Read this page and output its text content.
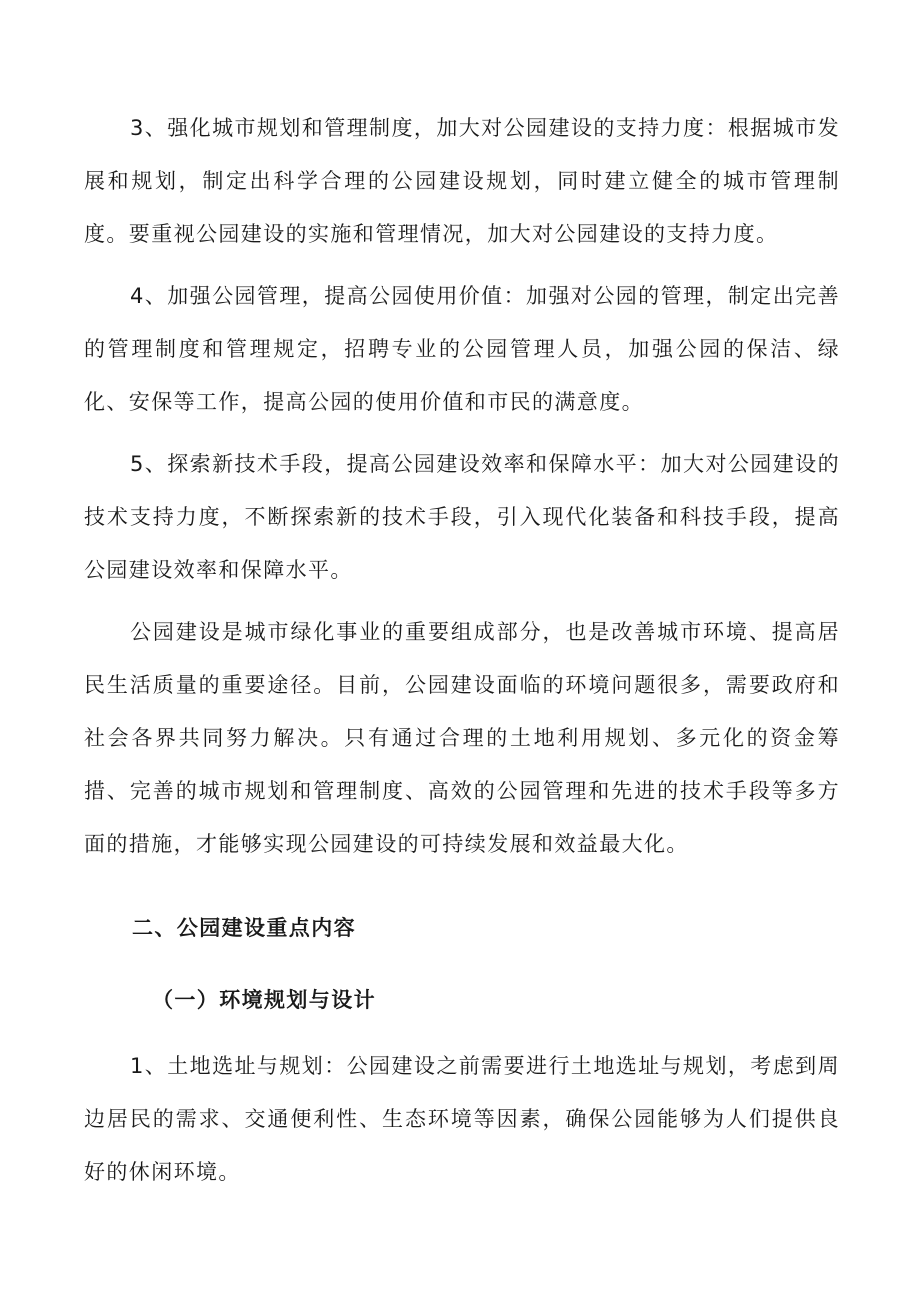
3、强化城市规划和管理制度，加大对公园建设的支持力度：根据城市发展和规划，制定出科学合理的公园建设规划，同时建立健全的城市管理制度。要重视公园建设的实施和管理情况，加大对公园建设的支持力度。

4、加强公园管理，提高公园使用价值：加强对公园的管理，制定出完善的管理制度和管理规定，招聘专业的公园管理人员，加强公园的保洁、绿化、安保等工作，提高公园的使用价值和市民的满意度。

5、探索新技术手段，提高公园建设效率和保障水平：加大对公园建设的技术支持力度，不断探索新的技术手段，引入现代化装备和科技手段，提高公园建设效率和保障水平。

公园建设是城市绿化事业的重要组成部分，也是改善城市环境、提高居民生活质量的重要途径。目前，公园建设面临的环境问题很多，需要政府和社会各界共同努力解决。只有通过合理的土地利用规划、多元化的资金筹措、完善的城市规划和管理制度、高效的公园管理和先进的技术手段等多方面的措施，才能够实现公园建设的可持续发展和效益最大化。

二、公园建设重点内容
（一）环境规划与设计

1、土地选址与规划：公园建设之前需要进行土地选址与规划，考虑到周边居民的需求、交通便利性、生态环境等因素，确保公园能够为人们提供良好的休闲环境。
